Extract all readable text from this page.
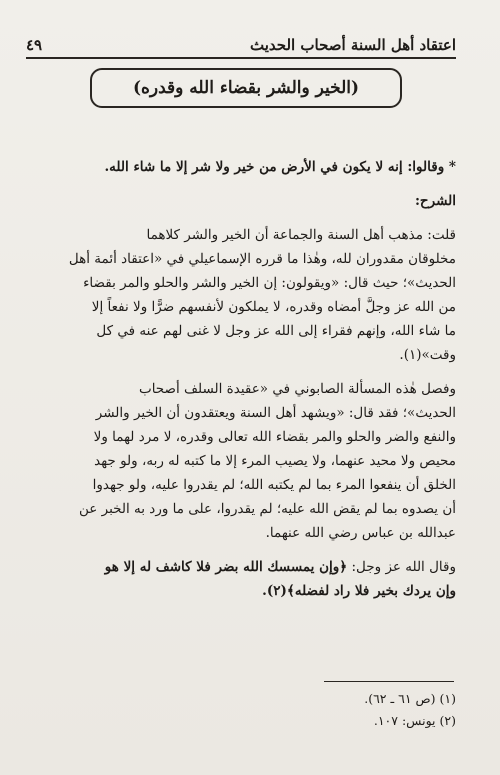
اعتقاد أهل السنة أصحاب الحديث
٤٩
(الخير والشر بقضاء الله وقدره)
* وقالوا: إنه لا يكون في الأرض من خير ولا شر إلا ما شاء الله.
الشرح:
قلت: مذهب أهل السنة والجماعة أن الخير والشر كلاهما
مخلوقان مقدوران لله، وهٰذا ما قرره الإسماعيلي في «اعتقاد أئمة أهل
الحديث»؛ حيث قال: «ويقولون: إن الخير والشر والحلو والمر بقضاء
من الله عز وجلَّ أمضاه وقدره، لا يملكون لأنفسهم ضرًّا ولا نفعاً إلا
ما شاء الله، وإنهم فقراء إلى الله عز وجل لا غنى لهم عنه في كل
وقت»(١).
وفصل هٰذه المسألة الصابوني في «عقيدة السلف أصحاب
الحديث»؛ فقد قال: «ويشهد أهل السنة ويعتقدون أن الخير والشر
والنفع والضر والحلو والمر بقضاء الله تعالى وقدره، لا مرد لهما ولا
محيص ولا محيد عنهما، ولا يصيب المرء إلا ما كتبه له ربه، ولو جهد
الخلق أن ينفعوا المرء بما لم يكتبه الله؛ لم يقدروا عليه، ولو جهدوا
أن يصدوه بما لم يقض الله عليه؛ لم يقدروا، على ما ورد به الخبر عن
عبدالله بن عباس رضي الله عنهما.
وقال الله عز وجل: ﴿وإن يمسسك الله بضر فلا كاشف له إلا هو
وإن يردك بخير فلا راد لفضله﴾(٢).
(١) (ص ٦١ ـ ٦٢).
(٢) يونس: ١٠٧.
